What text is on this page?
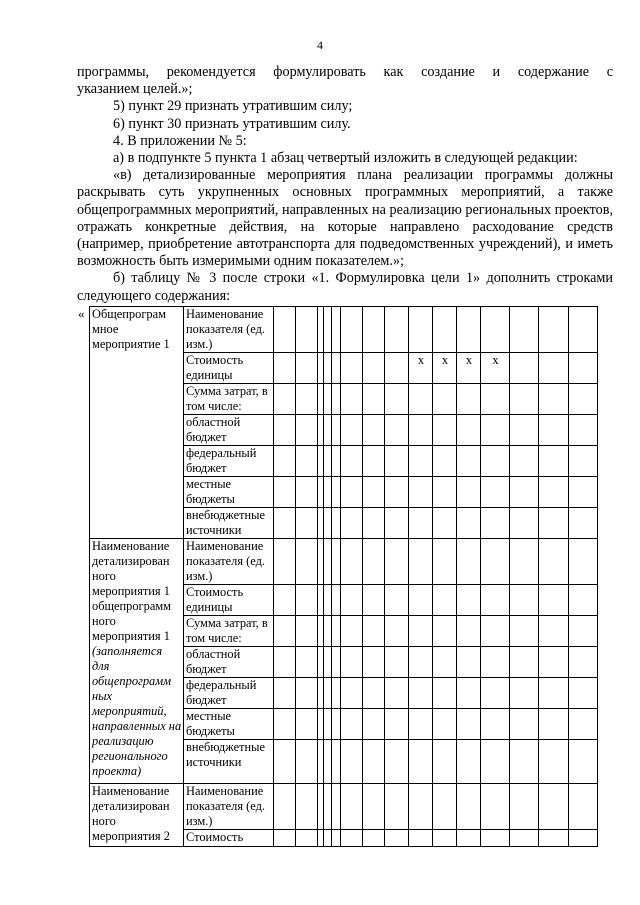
4

программы, рекомендуется формулировать как создание и содержание с

указанием целей.»;

5) пункт 29 признать утратившим силу;

6) пункт 30 признать утратившим силу.

4. В приложении № 5:

а) в подпункте 5 пункта 1 абзац четвертый изложить в следующей редакции:

«в) детализированные мероприятия плана реализации программы должны раскрывать суть укрупненных основных программных мероприятий, а также общепрограммных мероприятий, направленных на реализацию региональных проектов, отражать конкретные действия, на которые направлено расходование средств (например, приобретение автотранспорта для подведомственных учреждений), и иметь возможность быть измеримыми одним показателем.»;

б) таблицу № 3 после строки «1. Формулировка цели 1» дополнить строками следующего содержания:

« Общепрограм мное мероприятие 1	Наименование показателя (ед. изм.)															
	Стоимость единицы									x	x	x	x			
	Сумма затрат, в том числе:															
	областной бюджет															
	федеральный бюджет															
	местные бюджеты															
	внебюджетные источники															
Наименование детализирован ного мероприятия 1 общепрограмм ного мероприятия 1 (заполняется для общепрограмм ных мероприятий, направленных на реализацию регионального проекта)	Наименование показателя (ед. изм.)															
	Стоимость единицы															
	Сумма затрат, в том числе:															
	областной бюджет															
	федеральный бюджет															
	местные бюджеты															
	внебюджетные источники															
Наименование детализирован ного мероприятия 2	Наименование показателя (ед. изм.)															
	Стоимость															
